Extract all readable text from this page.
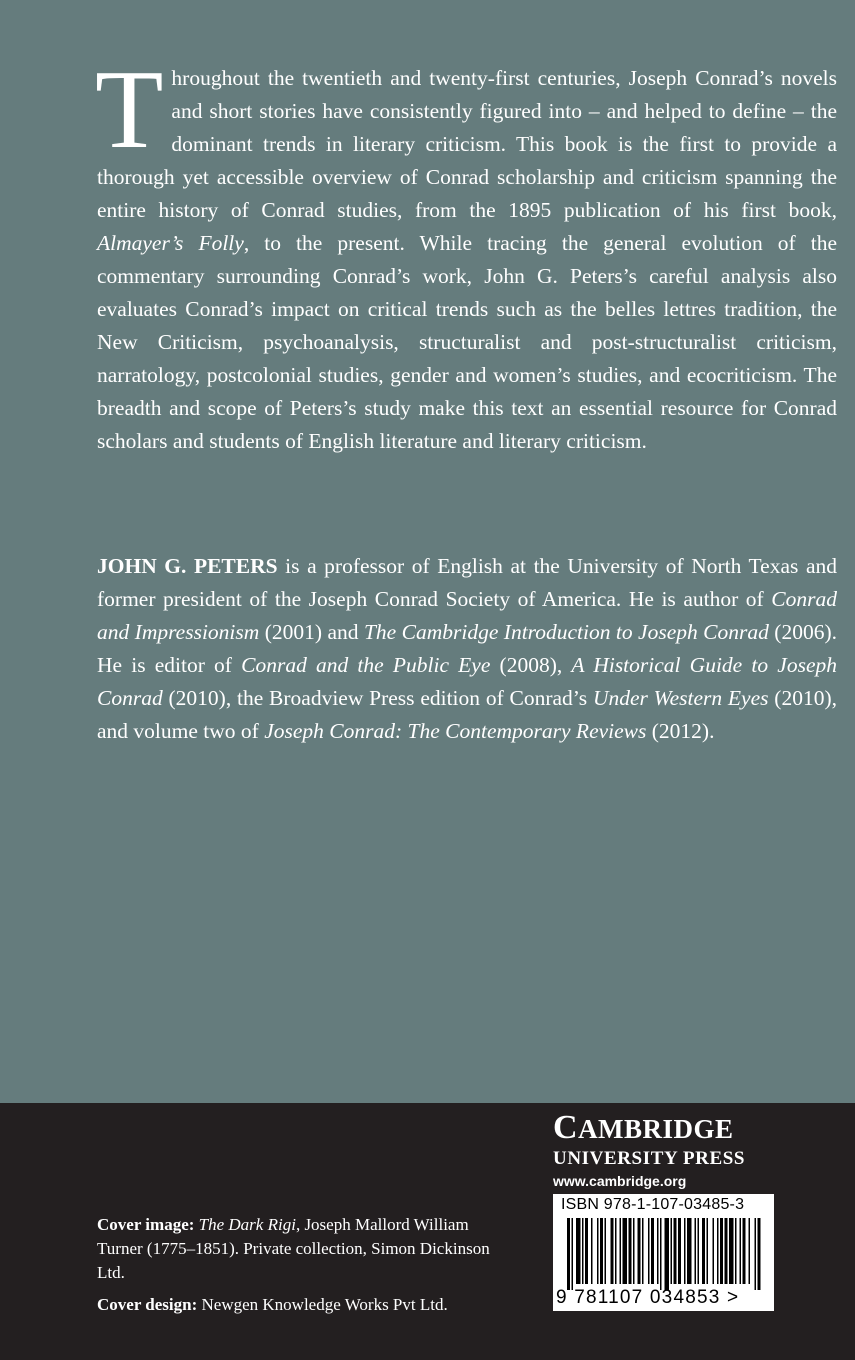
Throughout the twentieth and twenty-first centuries, Joseph Conrad’s novels and short stories have consistently figured into – and helped to define – the dominant trends in literary criticism. This book is the first to provide a thorough yet accessible overview of Conrad scholarship and criticism spanning the entire history of Conrad studies, from the 1895 publication of his first book, Almayer’s Folly, to the present. While tracing the general evolution of the commentary surrounding Conrad’s work, John G. Peters’s careful analysis also evaluates Conrad’s impact on critical trends such as the belles lettres tradition, the New Criticism, psychoanalysis, structuralist and post-structuralist criticism, narratology, postcolonial studies, gender and women’s studies, and ecocriticism. The breadth and scope of Peters’s study make this text an essential resource for Conrad scholars and students of English literature and literary criticism.

JOHN G. PETERS is a professor of English at the University of North Texas and former president of the Joseph Conrad Society of America. He is author of Conrad and Impressionism (2001) and The Cambridge Introduction to Joseph Conrad (2006). He is editor of Conrad and the Public Eye (2008), A Historical Guide to Joseph Conrad (2010), the Broadview Press edition of Conrad’s Under Western Eyes (2010), and volume two of Joseph Conrad: The Contemporary Reviews (2012).

Cover image: The Dark Rigi, Joseph Mallord William Turner (1775–1851). Private collection, Simon Dickinson Ltd.

Cover design: Newgen Knowledge Works Pvt Ltd.

CAMBRIDGE
UNIVERSITY PRESS
www.cambridge.org
ISBN 978-1-107-03485-3
9 781107 034853 >
